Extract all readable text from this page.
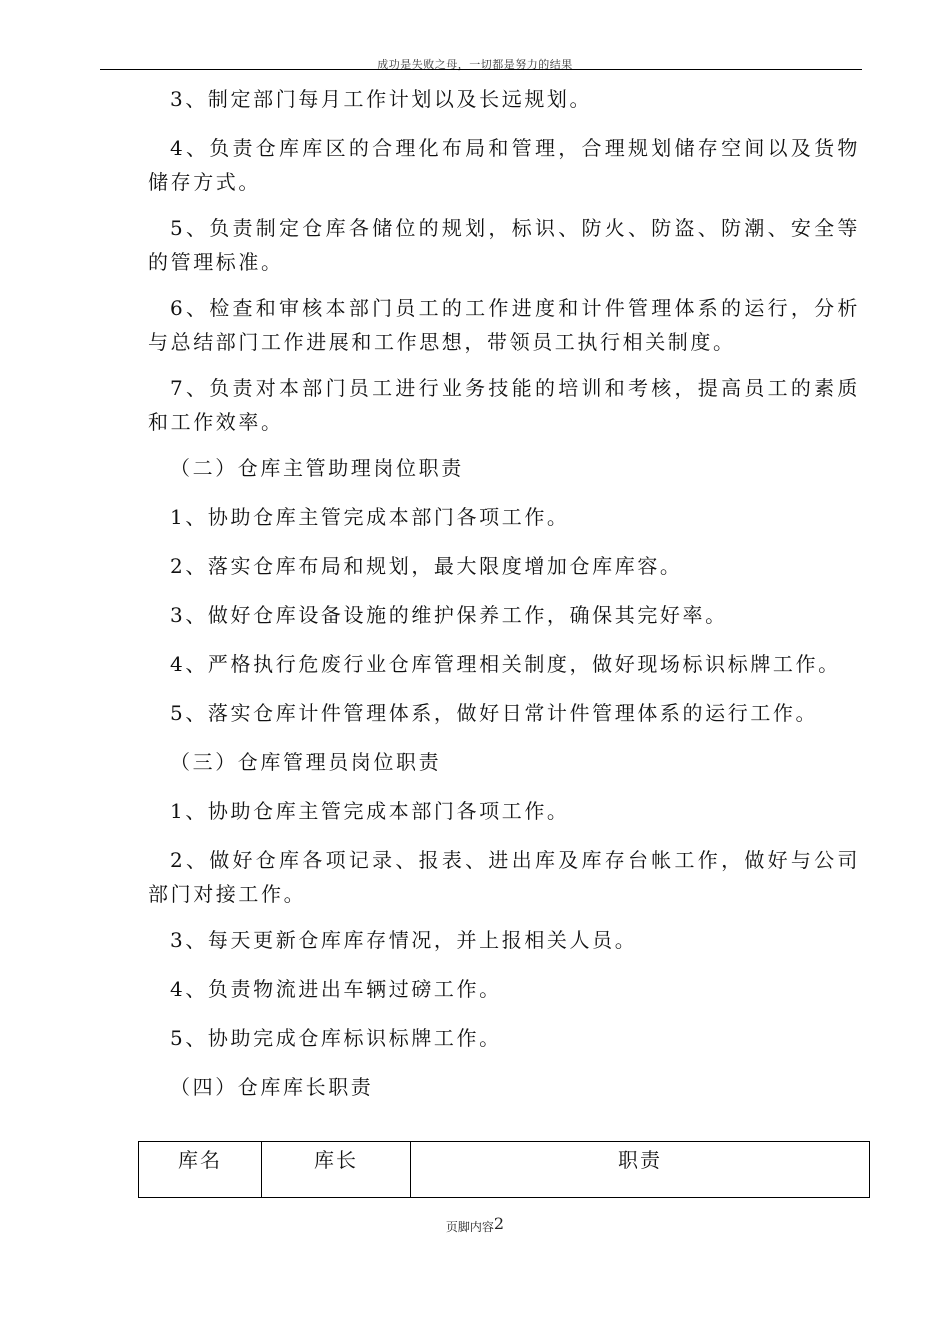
成功是失败之母，一切都是努力的结果

3、制定部门每月工作计划以及长远规划。

4、负责仓库库区的合理化布局和管理，合理规划储存空间以及货物储存方式。

5、负责制定仓库各储位的规划，标识、防火、防盗、防潮、安全等的管理标准。

6、检查和审核本部门员工的工作进度和计件管理体系的运行，分析与总结部门工作进展和工作思想，带领员工执行相关制度。

7、负责对本部门员工进行业务技能的培训和考核，提高员工的素质和工作效率。

（二）仓库主管助理岗位职责

1、协助仓库主管完成本部门各项工作。

2、落实仓库布局和规划，最大限度增加仓库库容。

3、做好仓库设备设施的维护保养工作，确保其完好率。

4、严格执行危废行业仓库管理相关制度，做好现场标识标牌工作。

5、落实仓库计件管理体系，做好日常计件管理体系的运行工作。

（三）仓库管理员岗位职责

1、协助仓库主管完成本部门各项工作。

2、做好仓库各项记录、报表、进出库及库存台帐工作，做好与公司部门对接工作。

3、每天更新仓库库存情况，并上报相关人员。

4、负责物流进出车辆过磅工作。

5、协助完成仓库标识标牌工作。

（四）仓库库长职责

库名	库长	职责
页脚内容2
